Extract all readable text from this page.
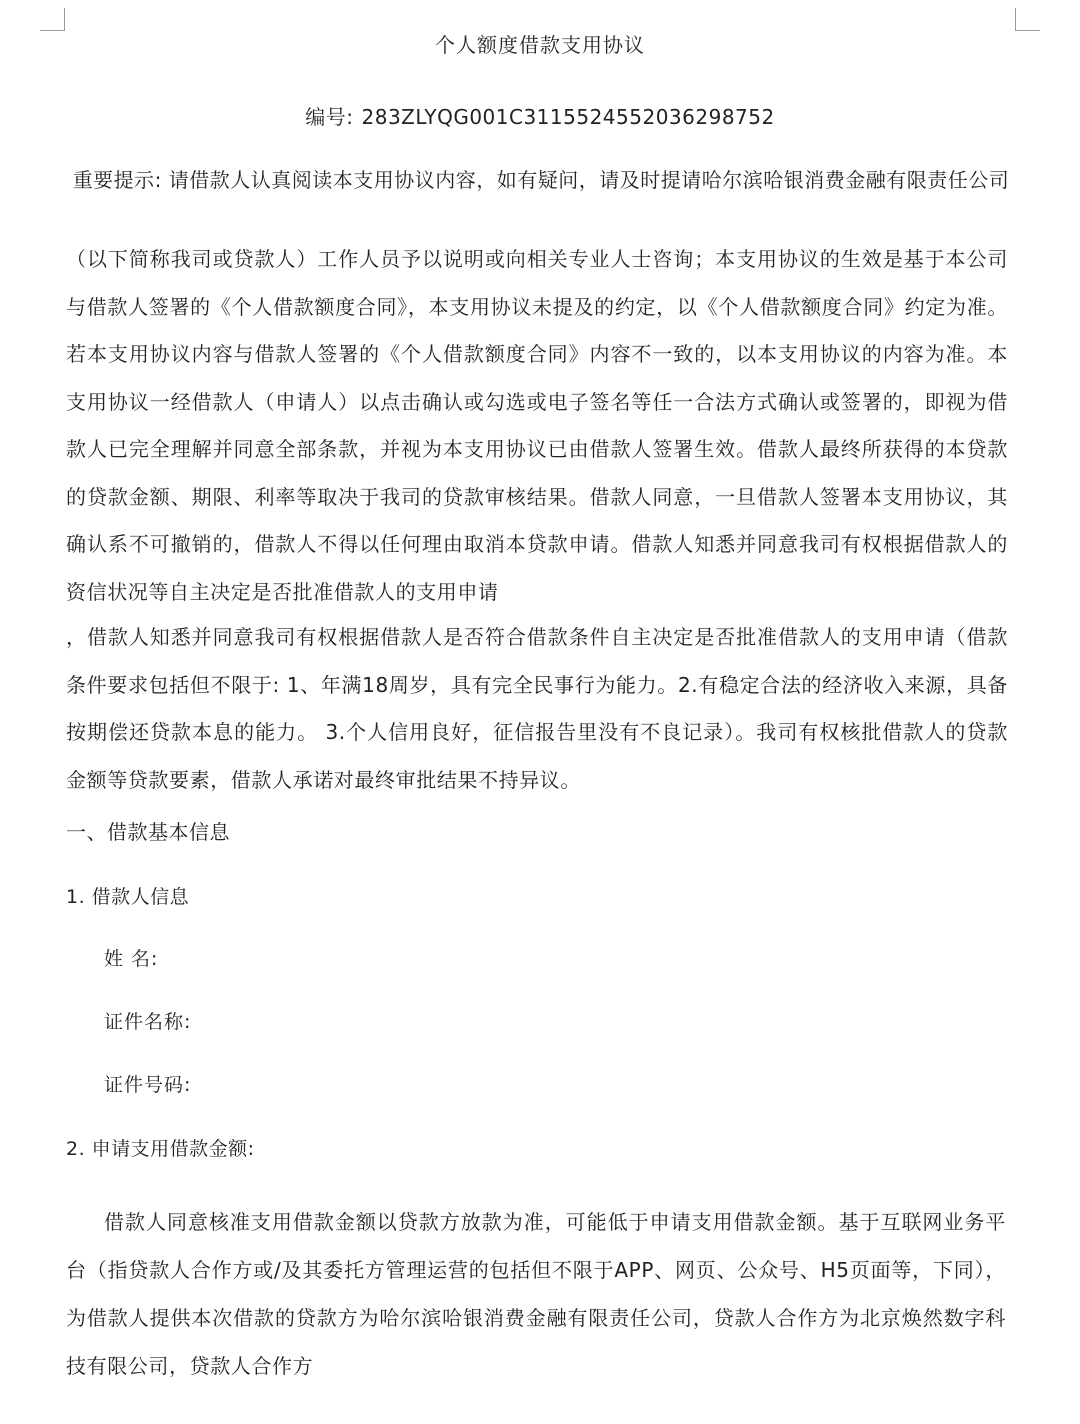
个人额度借款支用协议
编号: 283ZLYQG001C3115524552036298752
重要提示: 请借款人认真阅读本支用协议内容，如有疑问，请及时提请哈尔滨哈银消费金融有限责任公司
（以下简称我司或贷款人）工作人员予以说明或向相关专业人士咨询；本支用协议的生效是基于本公司与借款人签署的《个人借款额度合同》，本支用协议未提及的约定，以《个人借款额度合同》约定为准。若本支用协议内容与借款人签署的《个人借款额度合同》内容不一致的，以本支用协议的内容为准。本支用协议一经借款人（申请人）以点击确认或勾选或电子签名等任一合法方式确认或签署的，即视为借款人已完全理解并同意全部条款，并视为本支用协议已由借款人签署生效。借款人最终所获得的本贷款的贷款金额、期限、利率等取决于我司的贷款审核结果。借款人同意，一旦借款人签署本支用协议，其确认系不可撤销的，借款人不得以任何理由取消本贷款申请。借款人知悉并同意我司有权根据借款人的资信状况等自主决定是否批准借款人的支用申请
，借款人知悉并同意我司有权根据借款人是否符合借款条件自主决定是否批准借款人的支用申请（借款条件要求包括但不限于: 1、年满18周岁，具有完全民事行为能力。2.有稳定合法的经济收入来源，具备按期偿还贷款本息的能力。 3.个人信用良好，征信报告里没有不良记录）。我司有权核批借款人的贷款金额等贷款要素，借款人承诺对最终审批结果不持异议。
一、借款基本信息
1. 借款人信息
姓 名:
证件名称:
证件号码:
2. 申请支用借款金额:
借款人同意核准支用借款金额以贷款方放款为准，可能低于申请支用借款金额。基于互联网业务平台（指贷款人合作方或/及其委托方管理运营的包括但不限于APP、网页、公众号、H5页面等，下同），为借款人提供本次借款的贷款方为哈尔滨哈银消费金融有限责任公司，贷款人合作方为北京焕然数字科技有限公司，贷款人合作方
